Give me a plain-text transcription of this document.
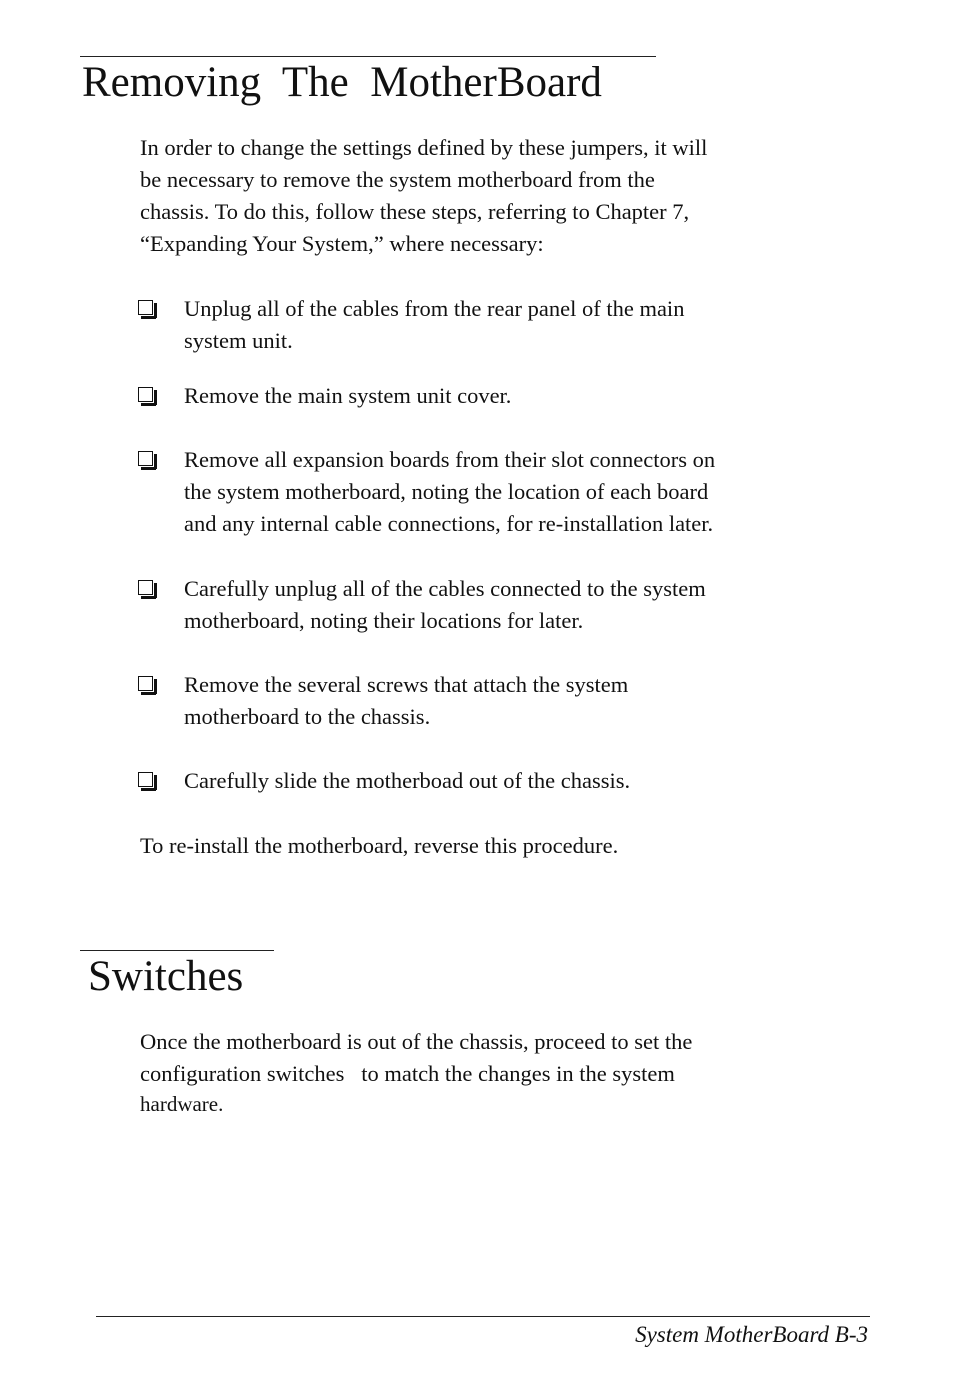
Removing  The  MotherBoard
In order to change the settings defined by these jumpers, it will
be necessary to remove the system motherboard from the
chassis. To do this, follow these steps, referring to Chapter 7,
“Expanding Your System,” where necessary:
Unplug all of the cables from the rear panel of the main
system unit.
Remove the main system unit cover.
Remove all expansion boards from their slot connectors on
the system motherboard, noting the location of each board
and any internal cable connections, for re-installation later.
Carefully unplug all of the cables connected to the system
motherboard, noting their locations for later.
Remove the several screws that attach the system
motherboard to the chassis.
Carefully slide the motherboad out of the chassis.

To re-install the motherboard, reverse this procedure.

Switches
Once the motherboard is out of the chassis, proceed to set the
configuration switches   to match the changes in the system
hardware.
System MotherBoard B-3
